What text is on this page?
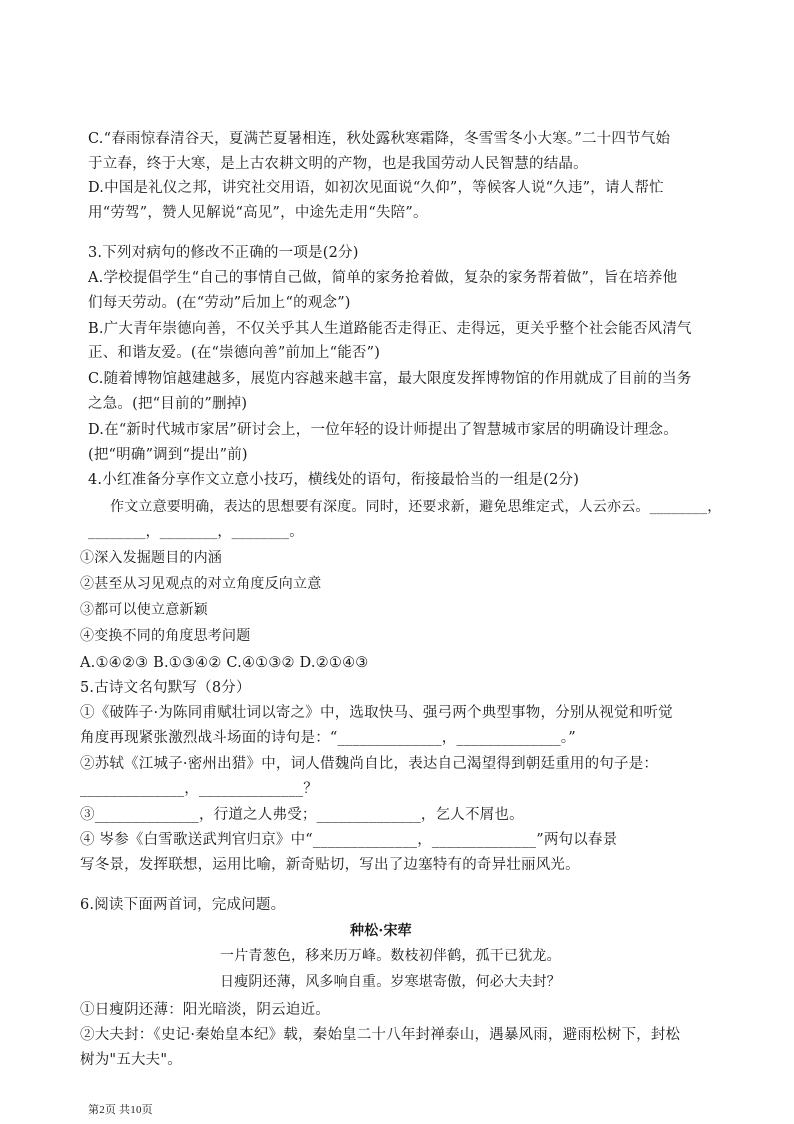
C.“春雨惊春清谷天，夏满芒夏暑相连，秋处露秋寒霜降，冬雪雪冬小大寒。”二十四节气始
于立春，终于大寒，是上古农耕文明的产物，也是我国劳动人民智慧的结晶。
D.中国是礼仪之邦，讲究社交用语，如初次见面说“久仰”，等候客人说“久违”，请人帮忙
用“劳驾”，赞人见解说“高见”，中途先走用“失陪”。
3.下列对病句的修改不正确的一项是(2分)
A.学校提倡学生“自己的事情自己做，简单的家务抢着做，复杂的家务帮着做”，旨在培养他
们每天劳动。(在“劳动”后加上“的观念”)
B.广大青年崇德向善，不仅关乎其人生道路能否走得正、走得远，更关乎整个社会能否风清气
正、和谐友爱。(在“崇德向善”前加上“能否”)
C.随着博物馆越建越多，展览内容越来越丰富，最大限度发挥博物馆的作用就成了目前的当务
之急。(把“目前的”删掉)
D.在“新时代城市家居”研讨会上，一位年轻的设计师提出了智慧城市家居的明确设计理念。
(把“明确”调到“提出”前)
4.小红准备分享作文立意小技巧，横线处的语句，衔接最恰当的一组是(2分)
作文立意要明确，表达的思想要有深度。同时，还要求新，避免思维定式，人云亦云。________，
________，________，________。
①深入发掘题目的内涵
②甚至从习见观点的对立角度反向立意
③都可以使立意新颖
④变换不同的角度思考问题
A.①④②③ B.①③④② C.④①③② D.②①④③
5.古诗文名句默写（8分）
①《破阵子·为陈同甫赋壮词以寄之》中，选取快马、强弓两个典型事物，分别从视觉和听觉
角度再现紧张激烈战斗场面的诗句是：“______________，______________。”
②苏轼《江城子·密州出猎》中，词人借魏尚自比，表达自己渴望得到朝廷重用的句子是：
______________，______________？
③______________，行道之人弗受；______________，乞人不屑也。
④ 岑参《白雪歌送武判官归京》中“______________，______________”两句以春景
写冬景，发挥联想，运用比喻，新奇贴切，写出了边塞特有的奇异壮丽风光。
6.阅读下面两首词，完成问题。
种松·宋荦
一片青葱色，移来历万峰。数枝初伴鹤，孤干已犹龙。
日瘦阴还薄，风多响自重。岁寒堪寄傲，何必大夫封？
①日瘦阴还薄：阳光暗淡，阴云迫近。
②大夫封：《史记·秦始皇本纪》载，秦始皇二十八年封禅泰山，遇暴风雨，避雨松树下，封松
树为"五大夫"。
第2页 共10页
